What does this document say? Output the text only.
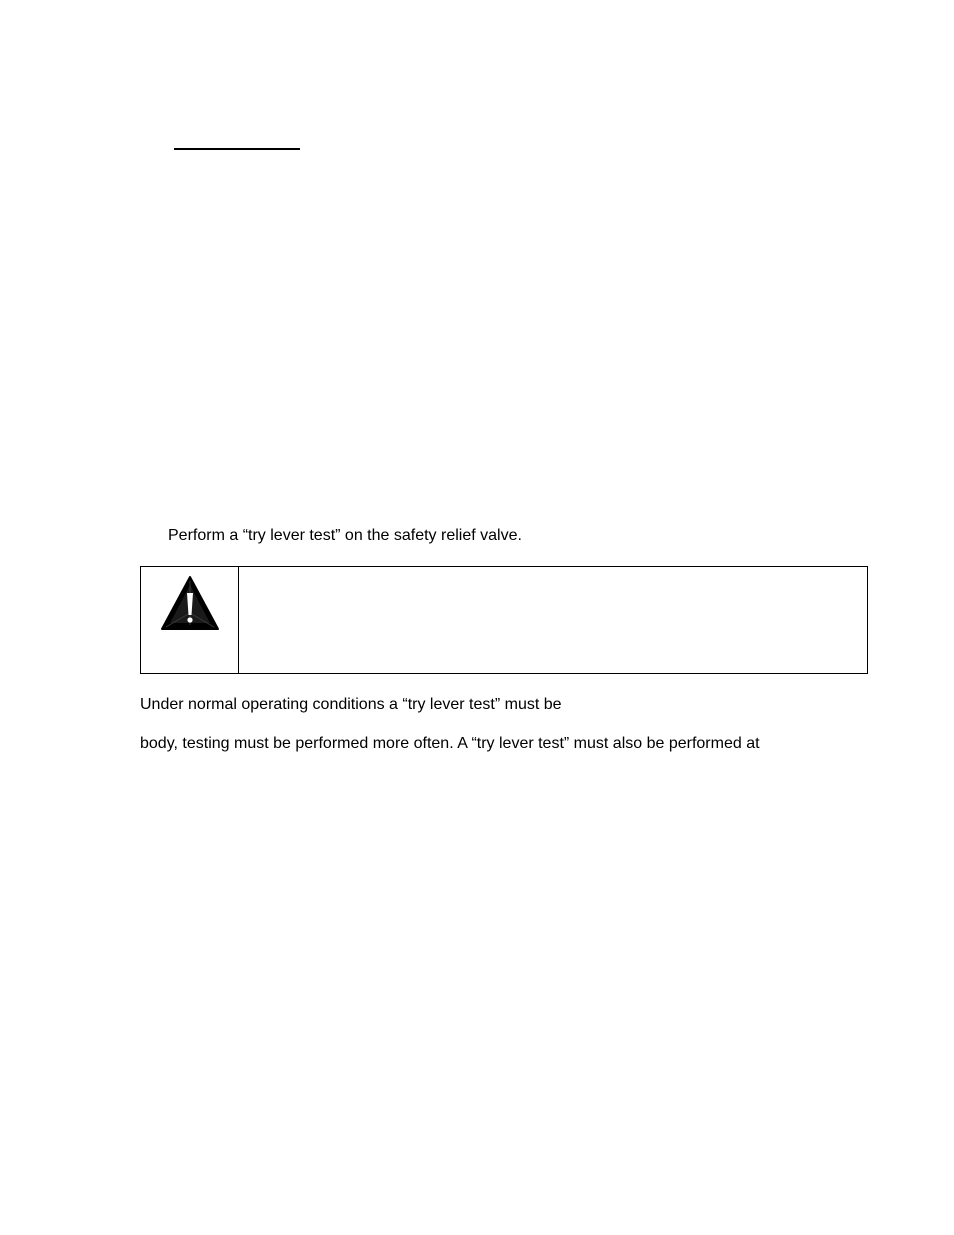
Perform a “try lever test” on the safety relief valve.

Under normal operating conditions a “try lever test” must be

body, testing must be performed more often. A “try lever test” must also be performed at
